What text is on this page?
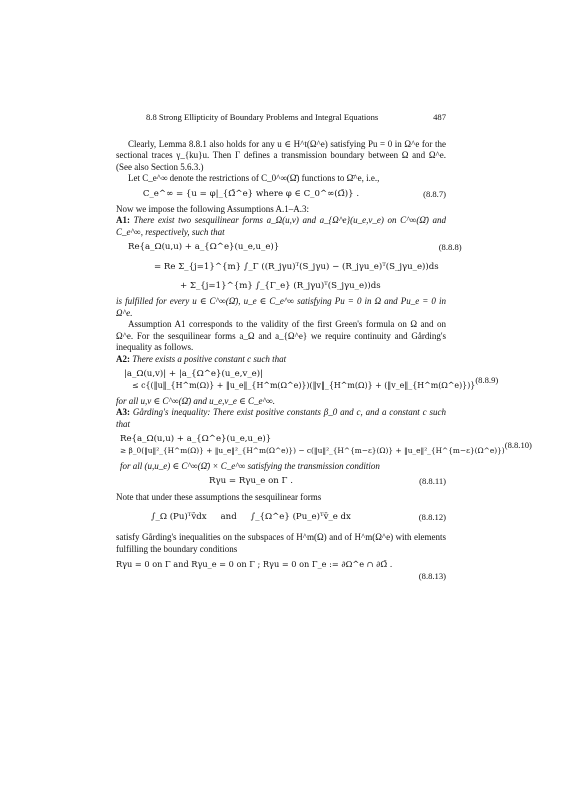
8.8 Strong Ellipticity of Boundary Problems and Integral Equations	487

Clearly, Lemma 8.8.1 also holds for any u ∈ H^t(Ω^e) satisfying Pu = 0 in Ω^e for the sectional traces γ_{ku}u. Then Γ defines a transmission boundary between Ω and Ω^e. (See also Section 5.6.3.)

Let C_e^∞ denote the restrictions of C_0^∞(Ω̄) functions to Ω̄^e, i.e.,

C_e^∞ = {u = φ|_{Ω̄^e} where φ ∈ C_0^∞(Ω̄)} .	(8.8.7)

Now we impose the following Assumptions A.1–A.3:

A1: There exist two sesquilinear forms a_Ω(u,v) and a_{Ω^e}(u_e,v_e) on C^∞(Ω̄) and C_e^∞, respectively, such that

Re{a_Ω(u,u) + a_{Ω^e}(u_e,u_e)}
= Re Σ_{j=1}^{m} ∫_Γ ((R_jγu)ᵀ(S_jγu) − (R_jγu_e)ᵀ(S_jγu_e))ds
+ Σ_{j=1}^{m} ∫_{Γ_e} (R_jγu)ᵀ(S_jγu_e))ds
(8.8.8)

is fulfilled for every u ∈ C^∞(Ω̄), u_e ∈ C_e^∞ satisfying Pu = 0 in Ω and Pu_e = 0 in Ω^e.

Assumption A1 corresponds to the validity of the first Green's formula on Ω and on Ω^e. For the sesquilinear forms a_Ω and a_{Ω^e} we require continuity and Gårding's inequality as follows.

A2: There exists a positive constant c such that

|a_Ω(u,v)| + |a_{Ω^e}(u_e,v_e)|
≤ c{(‖u‖_{H^m(Ω)} + ‖u_e‖_{H^m(Ω^e)})(‖v‖_{H^m(Ω)} + (‖v_e‖_{H^m(Ω^e)})}
(8.8.9)

for all u,v ∈ C^∞(Ω̄) and u_e,v_e ∈ C_e^∞.

A3: Gårding's inequality: There exist positive constants β_0 and c, and a constant c such that

Re{a_Ω(u,u) + a_{Ω^e}(u_e,u_e)}
≥ β_0(‖u‖²_{H^m(Ω)} + ‖u_e‖²_{H^m(Ω^e)}) − c(‖u‖²_{H^{m−ε}(Ω)} + ‖u_e‖²_{H^{m−ε}(Ω^e)})
(8.8.10)

for all (u,u_e) ∈ C^∞(Ω̄) × C_e^∞ satisfying the transmission condition

Rγu = Rγu_e on Γ .	(8.8.11)

Note that under these assumptions the sesquilinear forms

∫_Ω (Pu)ᵀv̄dx and ∫_{Ω^e} (Pu_e)ᵀv̄_e dx	(8.8.12)

satisfy Gårding's inequalities on the subspaces of H^m(Ω) and of H^m(Ω^e) with elements fulfilling the boundary conditions

Rγu = 0 on Γ and Rγu_e = 0 on Γ ; Rγu = 0 on Γ_e := ∂Ω^e ∩ ∂Ω̄ .
(8.8.13)
